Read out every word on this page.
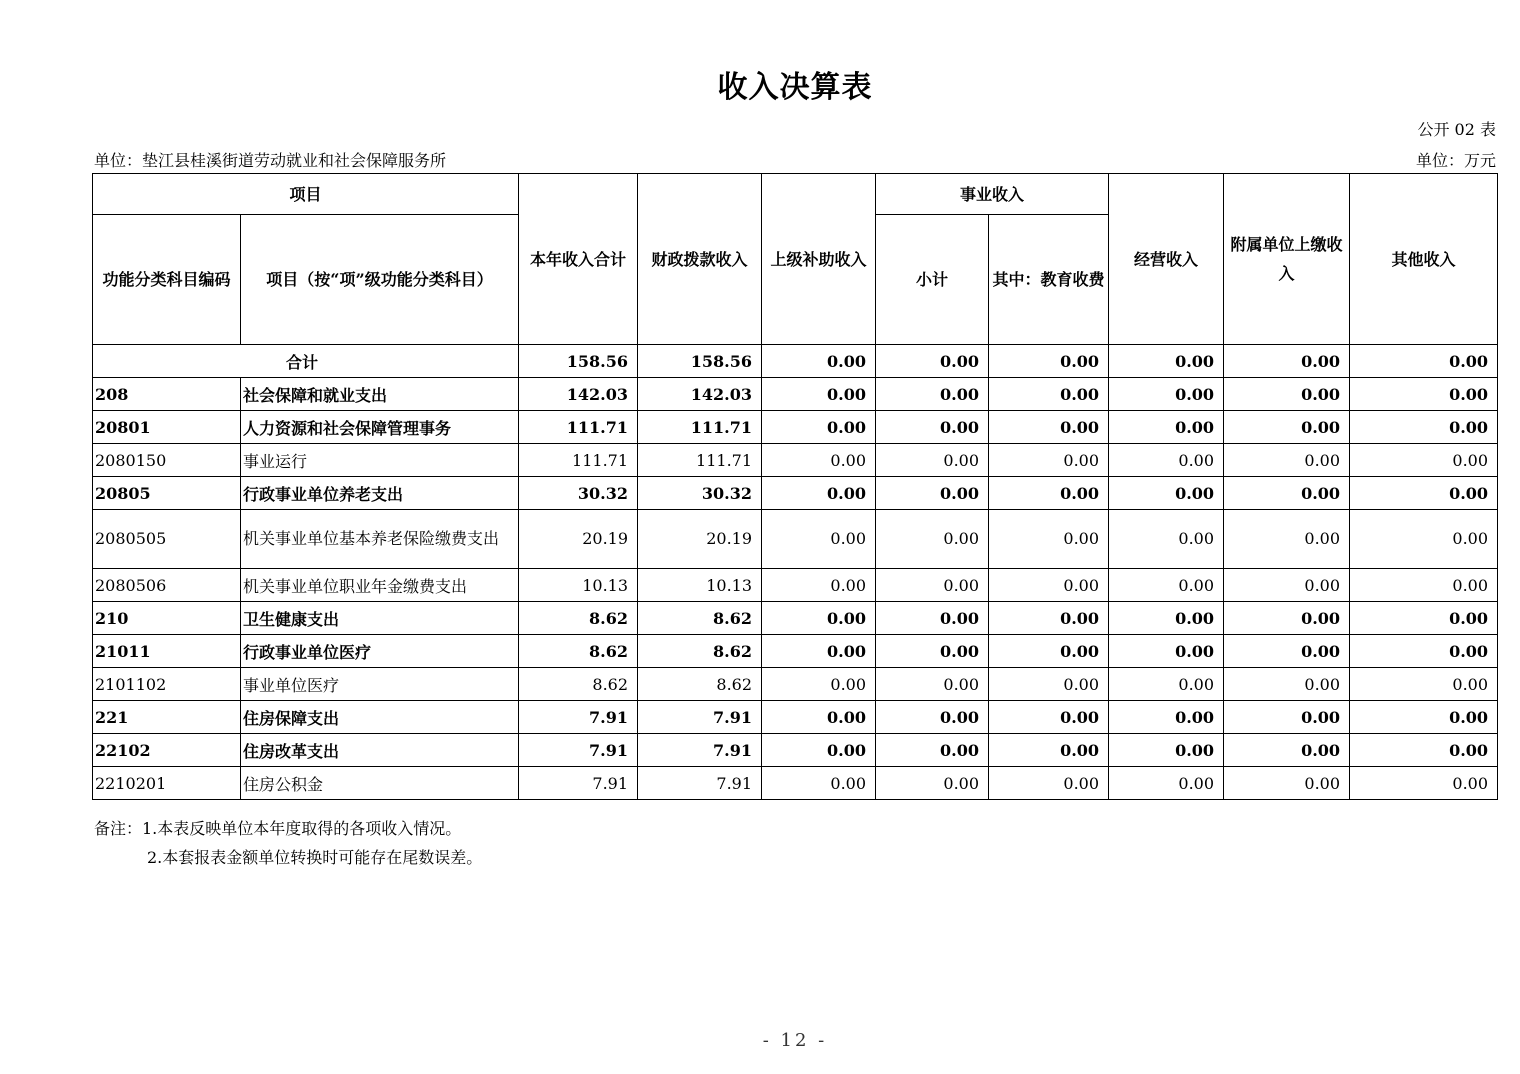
收入决算表
公开 02 表
单位：垫江县桂溪街道劳动就业和社会保障服务所	单位：万元
项目		本年收入合计	财政拨款收入	上级补助收入	事业收入		经营收入	附属单位上缴收入	其他收入
功能分类科目编码	项目（按“项”级功能分类科目）				小计	其中：教育收费			
合计		158.56	158.56	0.00	0.00	0.00	0.00	0.00	0.00
208	社会保障和就业支出	142.03	142.03	0.00	0.00	0.00	0.00	0.00	0.00
20801	人力资源和社会保障管理事务	111.71	111.71	0.00	0.00	0.00	0.00	0.00	0.00
2080150	事业运行	111.71	111.71	0.00	0.00	0.00	0.00	0.00	0.00
20805	行政事业单位养老支出	30.32	30.32	0.00	0.00	0.00	0.00	0.00	0.00
2080505	机关事业单位基本养老保险缴费支出	20.19	20.19	0.00	0.00	0.00	0.00	0.00	0.00
2080506	机关事业单位职业年金缴费支出	10.13	10.13	0.00	0.00	0.00	0.00	0.00	0.00
210	卫生健康支出	8.62	8.62	0.00	0.00	0.00	0.00	0.00	0.00
21011	行政事业单位医疗	8.62	8.62	0.00	0.00	0.00	0.00	0.00	0.00
2101102	事业单位医疗	8.62	8.62	0.00	0.00	0.00	0.00	0.00	0.00
221	住房保障支出	7.91	7.91	0.00	0.00	0.00	0.00	0.00	0.00
22102	住房改革支出	7.91	7.91	0.00	0.00	0.00	0.00	0.00	0.00
2210201	住房公积金	7.91	7.91	0.00	0.00	0.00	0.00	0.00	0.00
备注：1.本表反映单位本年度取得的各项收入情况。
2.本套报表金额单位转换时可能存在尾数误差。
- 12 -
